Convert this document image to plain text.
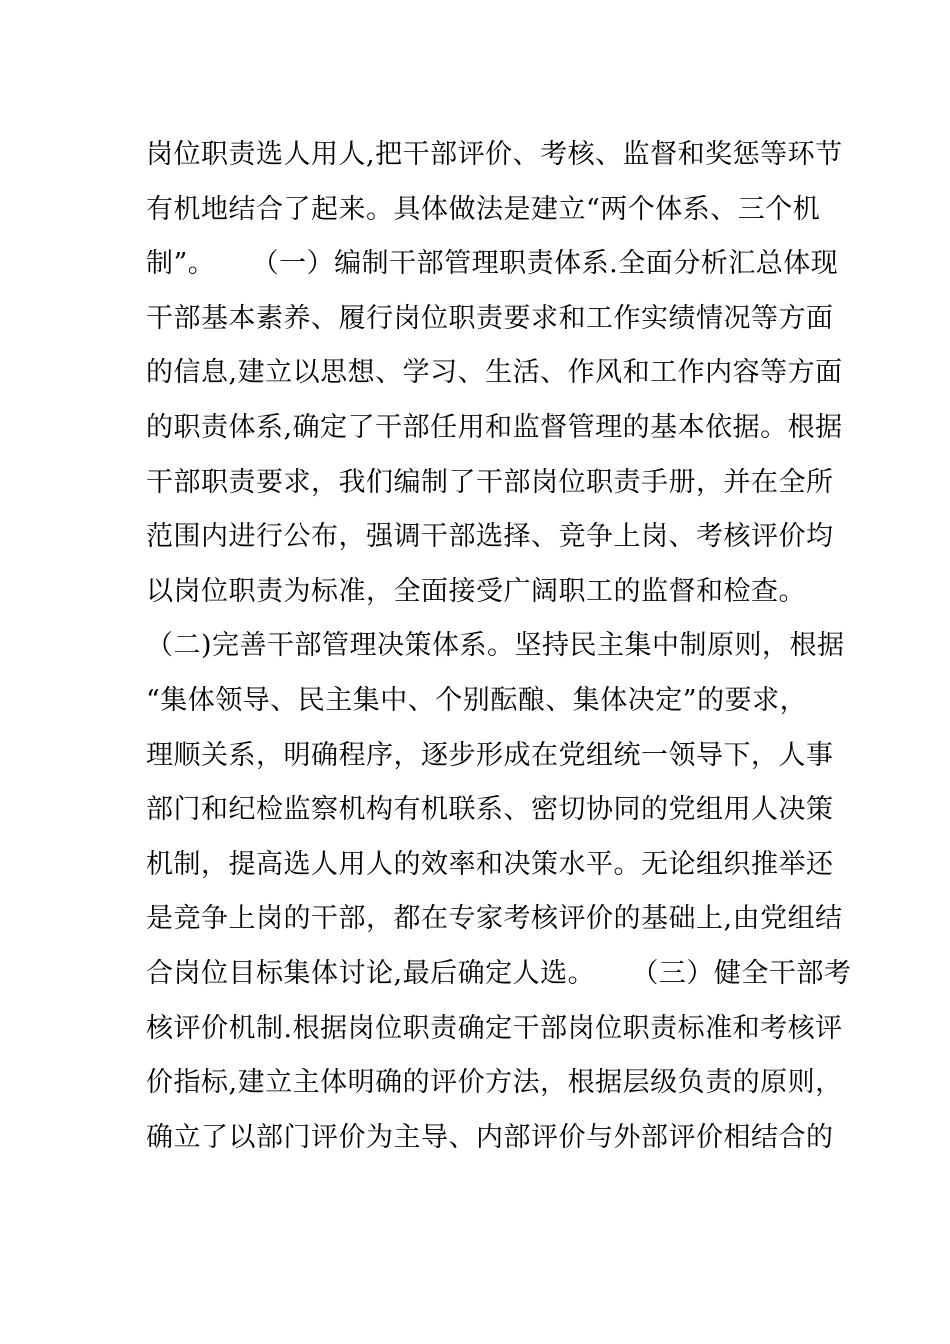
岗位职责选人用人,把干部评价、考核、监督和奖惩等环节
有机地结合了起来。具体做法是建立“两个体系、三个机
制”。    （一）编制干部管理职责体系.全面分析汇总体现
干部基本素养、履行岗位职责要求和工作实绩情况等方面
的信息,建立以思想、学习、生活、作风和工作内容等方面
的职责体系,确定了干部任用和监督管理的基本依据。根据
干部职责要求，我们编制了干部岗位职责手册，并在全所
范围内进行公布，强调干部选择、竞争上岗、考核评价均
以岗位职责为标准，全面接受广阔职工的监督和检查。
（二)完善干部管理决策体系。坚持民主集中制原则，根据
“集体领导、民主集中、个别酝酿、集体决定”的要求，
理顺关系，明确程序，逐步形成在党组统一领导下，人事
部门和纪检监察机构有机联系、密切协同的党组用人决策
机制，提高选人用人的效率和决策水平。无论组织推举还
是竞争上岗的干部，都在专家考核评价的基础上,由党组结
合岗位目标集体讨论,最后确定人选。    （三）健全干部考
核评价机制.根据岗位职责确定干部岗位职责标准和考核评
价指标,建立主体明确的评价方法，根据层级负责的原则，
确立了以部门评价为主导、内部评价与外部评价相结合的
